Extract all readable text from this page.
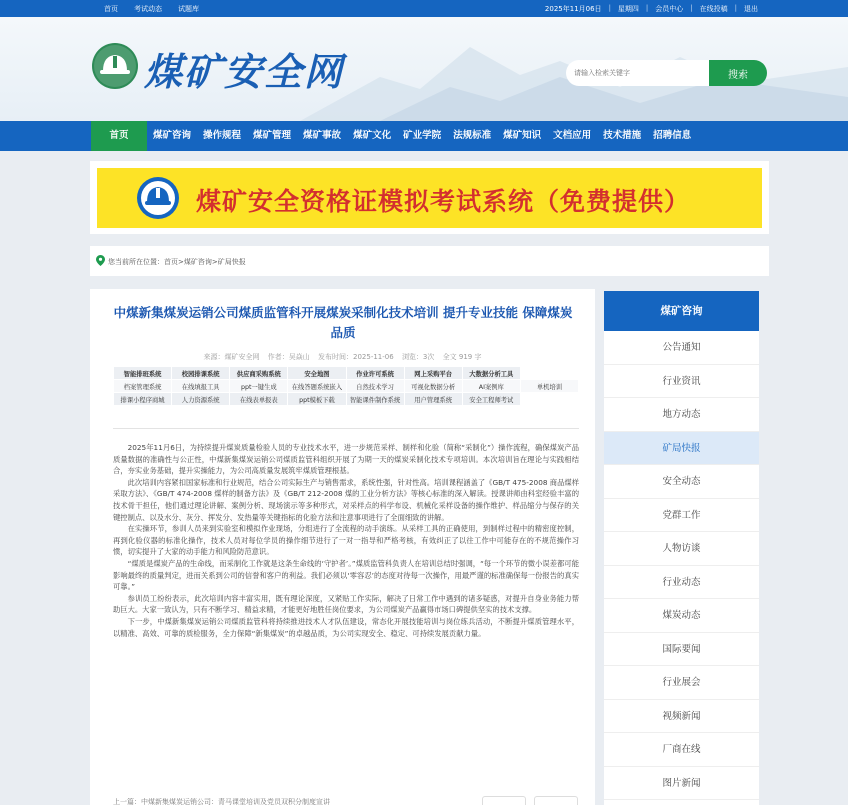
首页 考试动态 试题库	2025年11月06日 | 星期四 | 会员中心 | 在线投稿 | 退出
煤矿安全网
请输入检索关键字	搜索
首页	煤矿咨询	操作规程	煤矿管理	煤矿事故	煤矿文化	矿业学院	法规标准	煤矿知识	文档应用	技术措施	招聘信息
煤矿安全资格证模拟考试系统（免费提供）
您当前所在位置：首页>煤矿咨询>矿局快报
中煤新集煤炭运销公司煤质监管科开展煤炭采制化技术培训 提升专业技能 保障煤炭品质
来源：煤矿安全网 作者：吴焱山 发布时间：2025-11-06 浏览：3次 全文 919 字
智能排班系统	校园排课系统	供应商采购系统	安全地图	作业许可系统	网上采购平台	大数据分析工具	
档案管理系统	在线填报工具	ppt一键生成	在线答题系统嵌入	自然技术学习	可视化数据分析	AI案例库	单机培训
排课小程序商城	人力资源系统	在线表单报表	ppt模板下载	智能课件制作系统	用户管理系统	安全工程师考试	

2025年11月6日，为持续提升煤炭质量检验人员的专业技术水平，进一步规范采样、制样和化验（简称“采制化”）操作流程，确保煤炭产品质量数据的准确性与公正性，中煤新集煤炭运销公司煤质监管科组织开展了为期一天的煤炭采制化技术专项培训。本次培训旨在理论与实践相结合，夯实业务基础，提升实操能力，为公司高质量发展筑牢煤质管理根基。

此次培训内容紧扣国家标准和行业规范，结合公司实际生产与销售需求，系统性强，针对性高。培训课程涵盖了《GB/T 475-2008 商品煤样采取方法》、《GB/T 474-2008 煤样的制备方法》及《GB/T 212-2008 煤的工业分析方法》等核心标准的深入解读。授课讲师由科室经验丰富的技术骨干担任，他们通过理论讲解、案例分析、现场演示等多种形式，对采样点的科学布设、机械化采样设备的操作维护、样品缩分与保存的关键控制点、以及水分、灰分、挥发分、发热量等关键指标的化验方法和注意事项进行了全面细致的讲解。

在实操环节，参训人员来到实验室和模拟作业现场，分组进行了全流程的动手演练。从采样工具的正确使用，到制样过程中的精密度控制，再到化验仪器的标准化操作，技术人员对每位学员的操作细节进行了一对一指导和严格考核，有效纠正了以往工作中可能存在的不规范操作习惯，切实提升了大家的动手能力和风险防范意识。

“煤质是煤炭产品的生命线，而采制化工作就是这条生命线的‘守护者’。”煤质监管科负责人在培训总结时强调，“每一个环节的微小误差都可能影响最终的质量判定，进而关系到公司的信誉和客户的利益。我们必须以‘零容忍’的态度对待每一次操作，用最严谨的标准确保每一份报告的真实可靠。”

参训员工纷纷表示，此次培训内容丰富实用，既有理论深度，又紧贴工作实际，解决了日常工作中遇到的诸多疑惑，对提升自身业务能力帮助巨大。大家一致认为，只有不断学习、精益求精，才能更好地胜任岗位要求，为公司煤炭产品赢得市场口碑提供坚实的技术支撑。

下一步，中煤新集煤炭运销公司煤质监管科将持续推进技术人才队伍建设，常态化开展技能培训与岗位练兵活动，不断提升煤质管理水平，以精准、高效、可靠的质检服务，全力保障“新集煤炭”的卓越品质，为公司实现安全、稳定、可持续发展贡献力量。

上一篇：中煤新集煤炭运销公司：青马课堂培训及党员双积分制度宣讲
煤矿咨询
公告通知
行业资讯
地方动态
矿局快报
安全动态
党群工作
人物访谈
行业动态
煤炭动态
国际要闻
行业展会
视频新闻
厂商在线
图片新闻
